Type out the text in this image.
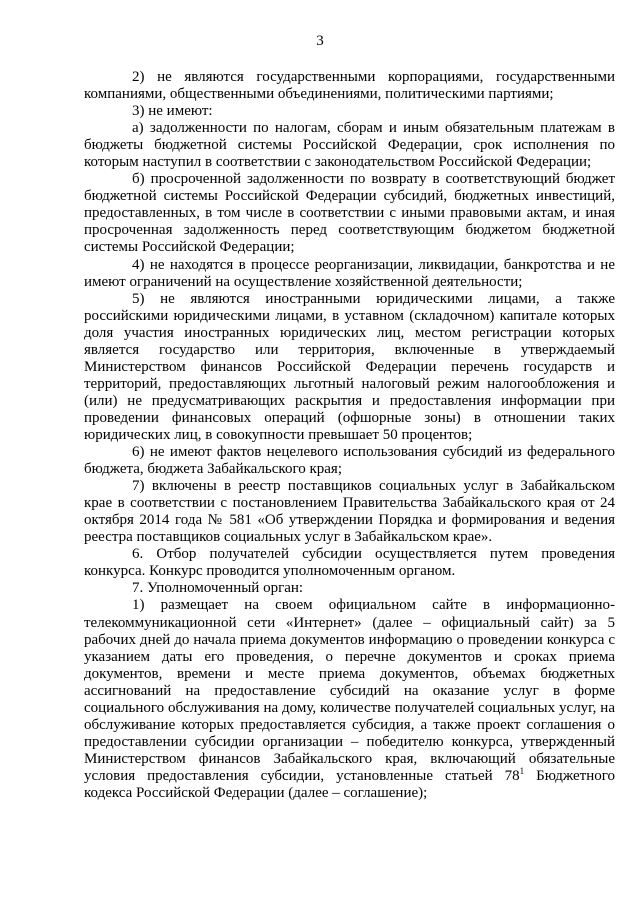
3

2) не являются государственными корпорациями, государственными компаниями, общественными объединениями, политическими партиями;

3) не имеют:

а) задолженности по налогам, сборам и иным обязательным платежам в бюджеты бюджетной системы Российской Федерации, срок исполнения по которым наступил в соответствии с законодательством Российской Федерации;

б) просроченной задолженности по возврату в соответствующий бюджет бюджетной системы Российской Федерации субсидий, бюджетных инвестиций, предоставленных, в том числе в соответствии с иными правовыми актам, и иная просроченная задолженность перед соответствующим бюджетом бюджетной системы Российской Федерации;

4) не находятся в процессе реорганизации, ликвидации, банкротства и не имеют ограничений на осуществление хозяйственной деятельности;

5) не являются иностранными юридическими лицами, а также российскими юридическими лицами, в уставном (складочном) капитале которых доля участия иностранных юридических лиц, местом регистрации которых является государство или территория, включенные в утверждаемый Министерством финансов Российской Федерации перечень государств и территорий, предоставляющих льготный налоговый режим налогообложения и (или) не предусматривающих раскрытия и предоставления информации при проведении финансовых операций (офшорные зоны) в отношении таких юридических лиц, в совокупности превышает 50 процентов;

6) не имеют фактов нецелевого использования субсидий из федерального бюджета, бюджета Забайкальского края;

7) включены в реестр поставщиков социальных услуг в Забайкальском крае в соответствии с постановлением Правительства Забайкальского края от 24 октября 2014 года № 581 «Об утверждении Порядка и формирования и ведения реестра поставщиков социальных услуг в Забайкальском крае».

6. Отбор получателей субсидии осуществляется путем проведения конкурса. Конкурс проводится уполномоченным органом.

7. Уполномоченный орган:

1) размещает на своем официальном сайте в информационно-телекоммуникационной сети «Интернет» (далее – официальный сайт) за 5 рабочих дней до начала приема документов информацию о проведении конкурса с указанием даты его проведения, о перечне документов и сроках приема документов, времени и месте приема документов, объемах бюджетных ассигнований на предоставление субсидий на оказание услуг в форме социального обслуживания на дому, количестве получателей социальных услуг, на обслуживание которых предоставляется субсидия, а также проект соглашения о предоставлении субсидии организации – победителю конкурса, утвержденный Министерством финансов Забайкальского края, включающий обязательные условия предоставления субсидии, установленные статьей $78^1$ Бюджетного кодекса Российской Федерации (далее – соглашение);
